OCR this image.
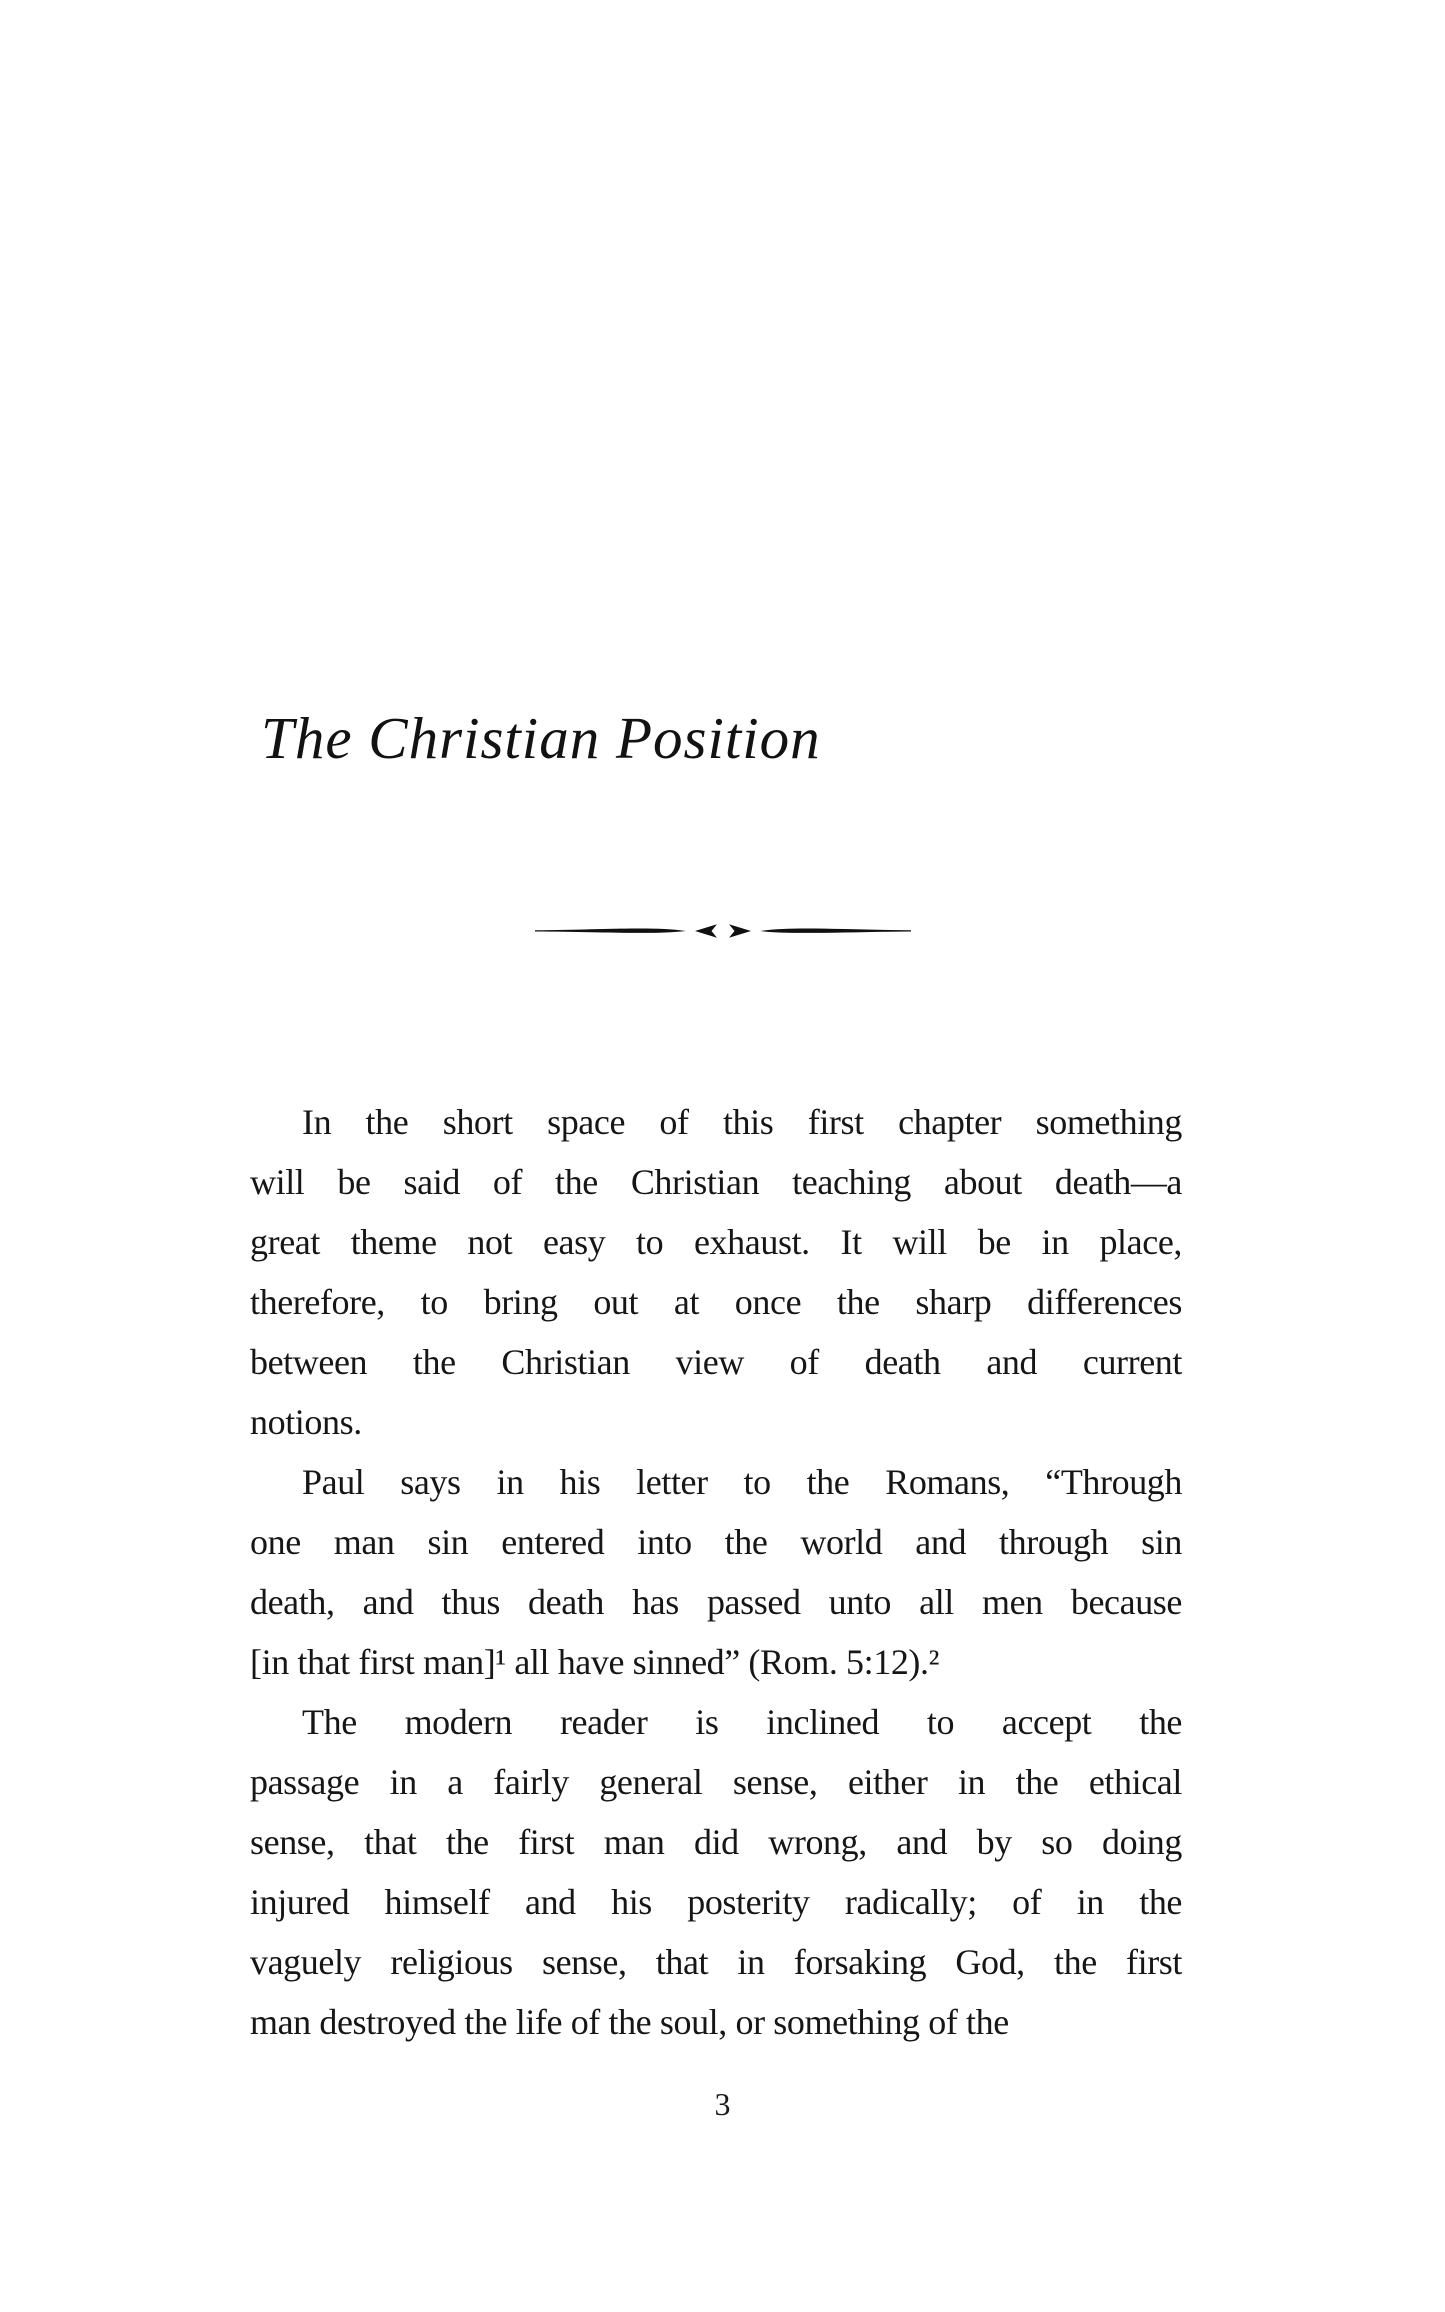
The Christian Position
In the short space of this first chapter something
will be said of the Christian teaching about death—a
great theme not easy to exhaust. It will be in place,
therefore, to bring out at once the sharp differences
between the Christian view of death and current
notions.
Paul says in his letter to the Romans, “Through
one man sin entered into the world and through sin
death, and thus death has passed unto all men because
[in that first man]¹ all have sinned” (Rom. 5:12).²
The modern reader is inclined to accept the
passage in a fairly general sense, either in the ethical
sense, that the first man did wrong, and by so doing
injured himself and his posterity radically; of in the
vaguely religious sense, that in forsaking God, the first
man destroyed the life of the soul, or something of the
3
